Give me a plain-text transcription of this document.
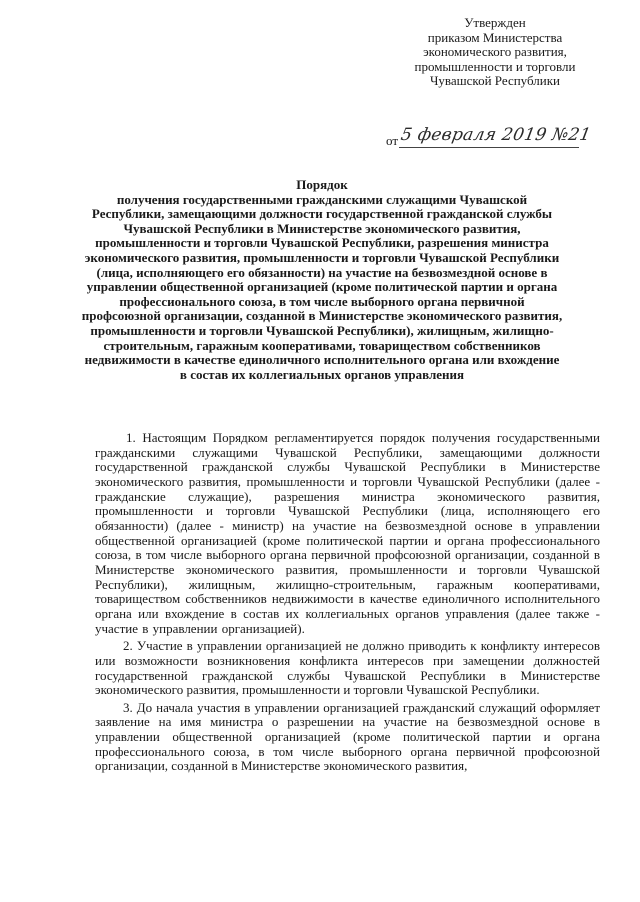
Утвержден
приказом Министерства
экономического развития,
промышленности и торговли
Чувашской Республики
от 5 февраля 2019 №21

Порядок

получения государственными гражданскими служащими Чувашской Республики, замещающими должности государственной гражданской службы Чувашской Республики в Министерстве экономического развития, промышленности и торговли Чувашской Республики, разрешения министра экономического развития, промышленности и торговли Чувашской Республики (лица, исполняющего его обязанности) на участие на безвозмездной основе в управлении общественной организацией (кроме политической партии и органа профессионального союза, в том числе выборного органа первичной профсоюзной организации, созданной в Министерстве экономического развития, промышленности и торговли Чувашской Республики), жилищным, жилищно-строительным, гаражным кооперативами, товариществом собственников недвижимости в качестве единоличного исполнительного органа или вхождение в состав их коллегиальных органов управления

1. Настоящим Порядком регламентируется порядок получения государственными гражданскими служащими Чувашской Республики, замещающими должности государственной гражданской службы Чувашской Республики в Министерстве экономического развития, промышленности и торговли Чувашской Республики (далее - гражданские служащие), разрешения министра экономического развития, промышленности и торговли Чувашской Республики (лица, исполняющего его обязанности) (далее - министр) на участие на безвозмездной основе в управлении общественной организацией (кроме политической партии и органа профессионального союза, в том числе выборного органа первичной профсоюзной организации, созданной в Министерстве экономического развития, промышленности и торговли Чувашской Республики), жилищным, жилищно-строительным, гаражным кооперативами, товариществом собственников недвижимости в качестве единоличного исполнительного органа или вхождение в состав их коллегиальных органов управления (далее также - участие в управлении организацией).

2. Участие в управлении организацией не должно приводить к конфликту интересов или возможности возникновения конфликта интересов при замещении должностей государственной гражданской службы Чувашской Республики в Министерстве экономического развития, промышленности и торговли Чувашской Республики.

3. До начала участия в управлении организацией гражданский служащий оформляет заявление на имя министра о разрешении на участие на безвозмездной основе в управлении общественной организацией (кроме политической партии и органа профессионального союза, в том числе выборного органа первичной профсоюзной организации, созданной в Министерстве экономического развития,
